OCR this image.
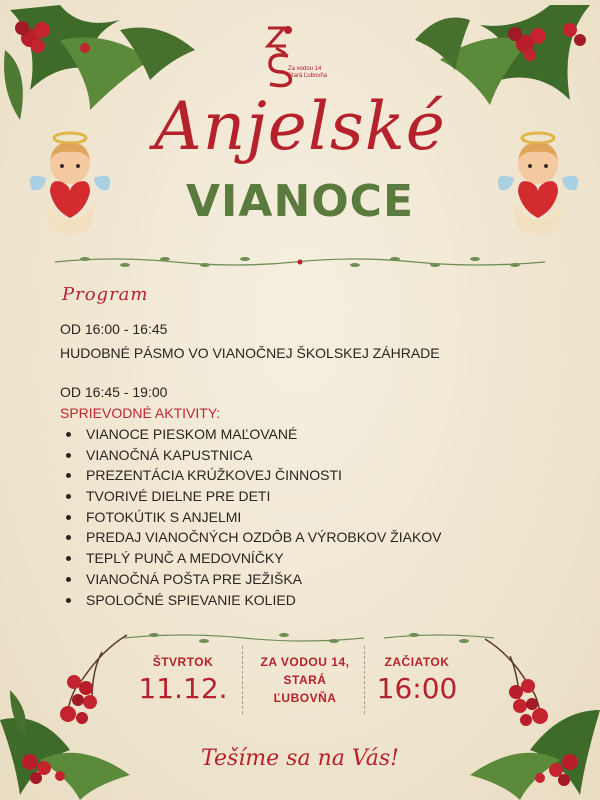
Za vodou 14
Stará Ľubovňa
Anjelské
VIANOCE
Program
OD 16:00 - 16:45
HUDOBNÉ PÁSMO VO VIANOČNEJ ŠKOLSKEJ ZÁHRADE
OD 16:45 - 19:00
SPRIEVODNÉ AKTIVITY:
VIANOCE PIESKOM MAĽOVANÉ
VIANOČNÁ KAPUSTNICA
PREZENTÁCIA KRÚŽKOVEJ ČINNOSTI
TVORIVÉ DIELNE PRE DETI
FOTOKÚTIK S ANJELMI
PREDAJ VIANOČNÝCH OZDÔB A VÝROBKOV ŽIAKOV
TEPLÝ PUNČ A MEDOVNÍČKY
VIANOČNÁ POŠTA PRE JEŽIŠKA
SPOLOČNÉ SPIEVANIE KOLIED
ŠTVRTOK
11.12.
ZA VODOU 14,
STARÁ
ĽUBOVŇA
ZAČIATOK
16:00
Tešíme sa na Vás!
